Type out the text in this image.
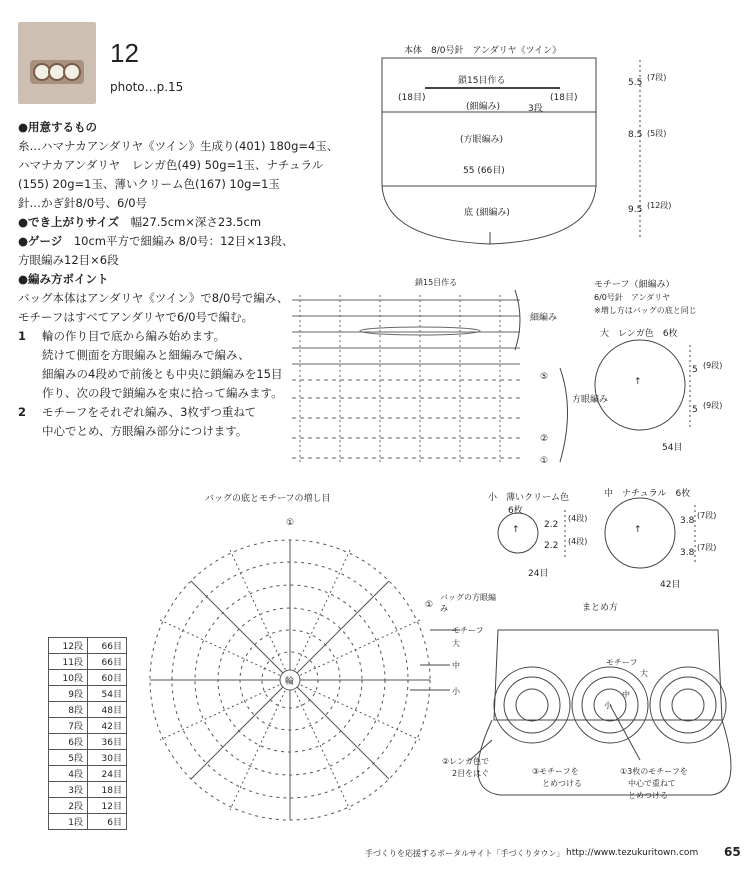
12
photo…p.15
●用意するもの
糸…ハマナカアンダリヤ《ツイン》生成り(401) 180g=4玉、
ハマナカアンダリヤ　レンガ色(49) 50g=1玉、ナチュラル
(155) 20g=1玉、薄いクリーム色(167) 10g=1玉
針…かぎ針8/0号、6/0号
●でき上がりサイズ　 幅27.5cm×深さ23.5cm
●ゲージ　 10cm平方で細編み 8/0号：12目×13段、
方眼編み12目×6段
●編み方ポイント
バッグ本体はアンダリヤ《ツイン》で8/0号で編み、
モチーフはすべてアンダリヤで6/0号で編む。
1	輪の作り目で底から編み始めます。
続けて側面を方眼編みと細編みで編み、
細編みの4段めで前後とも中央に鎖編みを15目
作り、次の段で鎖編みを束に拾って編みます。
2	モチーフをそれぞれ編み、3枚ずつ重ねて
中心でとめ、方眼編み部分につけます。
本体　8/0号針　アンダリヤ《ツイン》
鎖15目作る
(18目)	(18目)
(細編み)	3段
(方眼編み)
55 (66目)
底 (細編み)
5.5
(7段)
8.5 (5段)
9.5 (12段)
鎖15目作る
細編み
方眼編み
⑤
②
①
モチーフ（細編み）
6/0号針　アンダリヤ
※増し方はバッグの底と同じ
大　 レンガ色　 6枚
↑
5 (9段)
5 (9段)
54目
小　 薄いクリーム色
6枚
↑	2.2
(4段)
2.2 (4段)
24目
中　 ナチュラル　 6枚
↑
3.8
(7段)
3.8
(7段)
42目
バッグの底とモチーフの増し目
輪
①
①
バッグの方眼編み
モチーフ
大
中
小
12段	66目
11段	66目
10段	60目
9段	54目
8段	48目
7段	42目
6段	36目
5段	30目
4段	24目
3段	18目
2段	12目
1段	6目
まとめ方
モチーフ
大
中
小
②レンガ色で
2目をはぐ	③モチーフを
とめつける
①3枚のモチーフを
中心で重ねて
とめつける
手づくりを応援するポータルサイト「手づくりタウン」 http://www.tezukuritown.com 65
